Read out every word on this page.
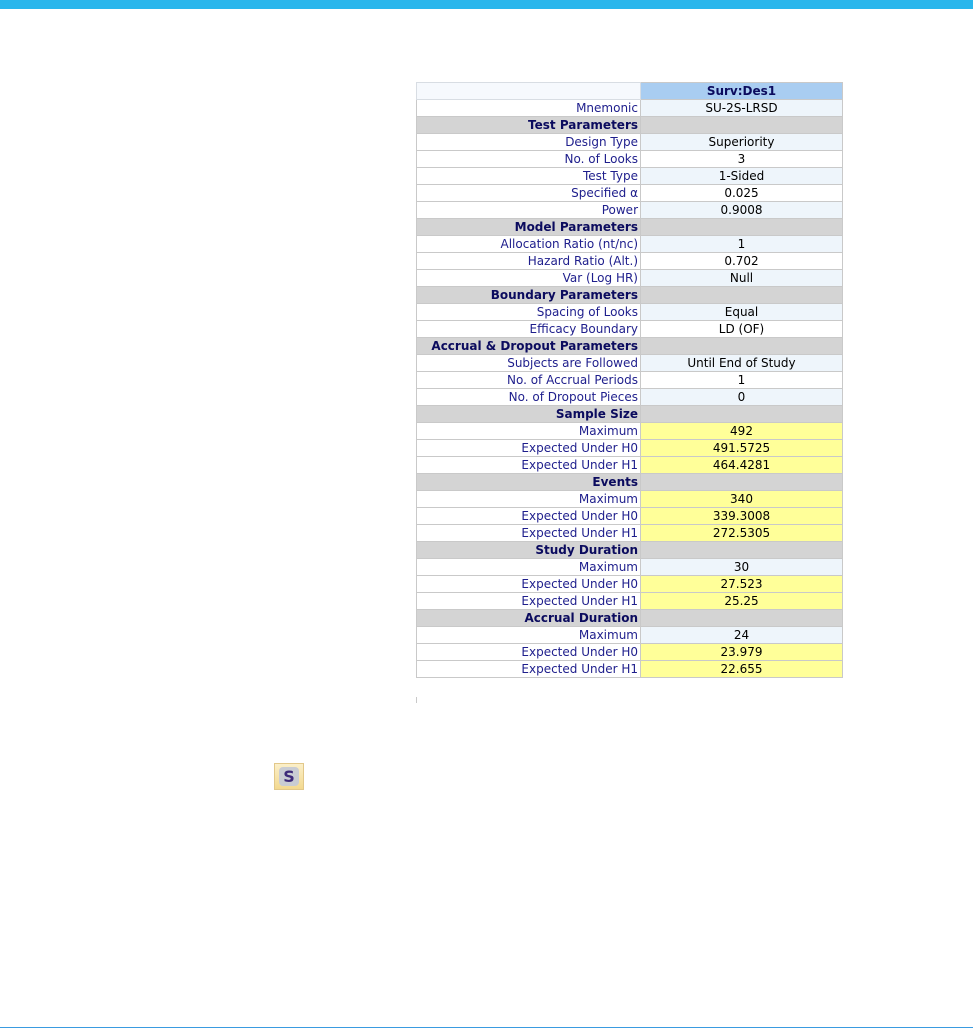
	Surv:Des1
Mnemonic	SU-2S-LRSD
Test Parameters	
Design Type	Superiority
No. of Looks	3
Test Type	1-Sided
Specified α	0.025
Power	0.9008
Model Parameters	
Allocation Ratio (nt/nc)	1
Hazard Ratio (Alt.)	0.702
Var (Log HR)	Null
Boundary Parameters	
Spacing of Looks	Equal
Efficacy Boundary	LD (OF)
Accrual & Dropout Parameters	
Subjects are Followed	Until End of Study
No. of Accrual Periods	1
No. of Dropout Pieces	0
Sample Size	
Maximum	492
Expected Under H0	491.5725
Expected Under H1	464.4281
Events	
Maximum	340
Expected Under H0	339.3008
Expected Under H1	272.5305
Study Duration	
Maximum	30
Expected Under H0	27.523
Expected Under H1	25.25
Accrual Duration	
Maximum	24
Expected Under H0	23.979
Expected Under H1	22.655
S
